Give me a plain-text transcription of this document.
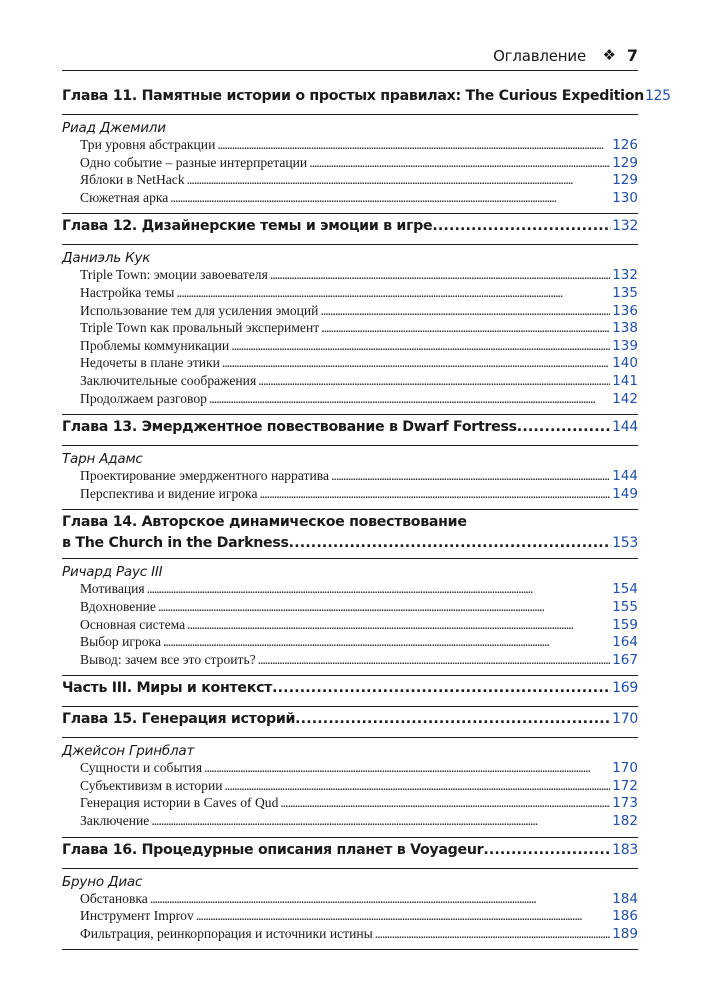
Оглавление ❖ 7
Глава 11. Памятные истории о простых правилах: The Curious Expedition 125
Риад Джемили
Три уровня абстракции . . .	126
Одно событие – разные интерпретации . . .	129
Яблоки в NetHack . . .	129
Сюжетная арка . . .	130
Глава 12. Дизайнерские темы и эмоции в игре . . .	132
Даниэль Кук
Triple Town: эмоции завоевателя . . .	132
Настройка темы . . .	135
Использование тем для усиления эмоций . . .	136
Triple Town как провальный эксперимент . . .	138
Проблемы коммуникации . . .	139
Недочеты в плане этики . . .	140
Заключительные соображения . . .	141
Продолжаем разговор . . .	142
Глава 13. Эмерджентное повествование в Dwarf Fortress . . .	144
Тарн Адамс
Проектирование эмерджентного нарратива . . .	144
Перспектива и видение игрока . . .	149
Глава 14. Авторское динамическое повествование
в The Church in the Darkness . . .	153
Ричард Раус III
Мотивация . . .	154
Вдохновение . . .	155
Основная система . . .	159
Выбор игрока . . .	164
Вывод: зачем все это строить? . . .	167
Часть III. Миры и контекст . . .	169
Глава 15. Генерация историй . . .	170
Джейсон Гринблат
Сущности и события . . .	170
Субъективизм в истории . . .	172
Генерация истории в Caves of Qud . . .	173
Заключение . . .	182
Глава 16. Процедурные описания планет в Voyageur . . .	183
Бруно Диас
Обстановка . . .	184
Инструмент Improv . . .	186
Фильтрация, реинкорпорация и источники истины . . .	189
